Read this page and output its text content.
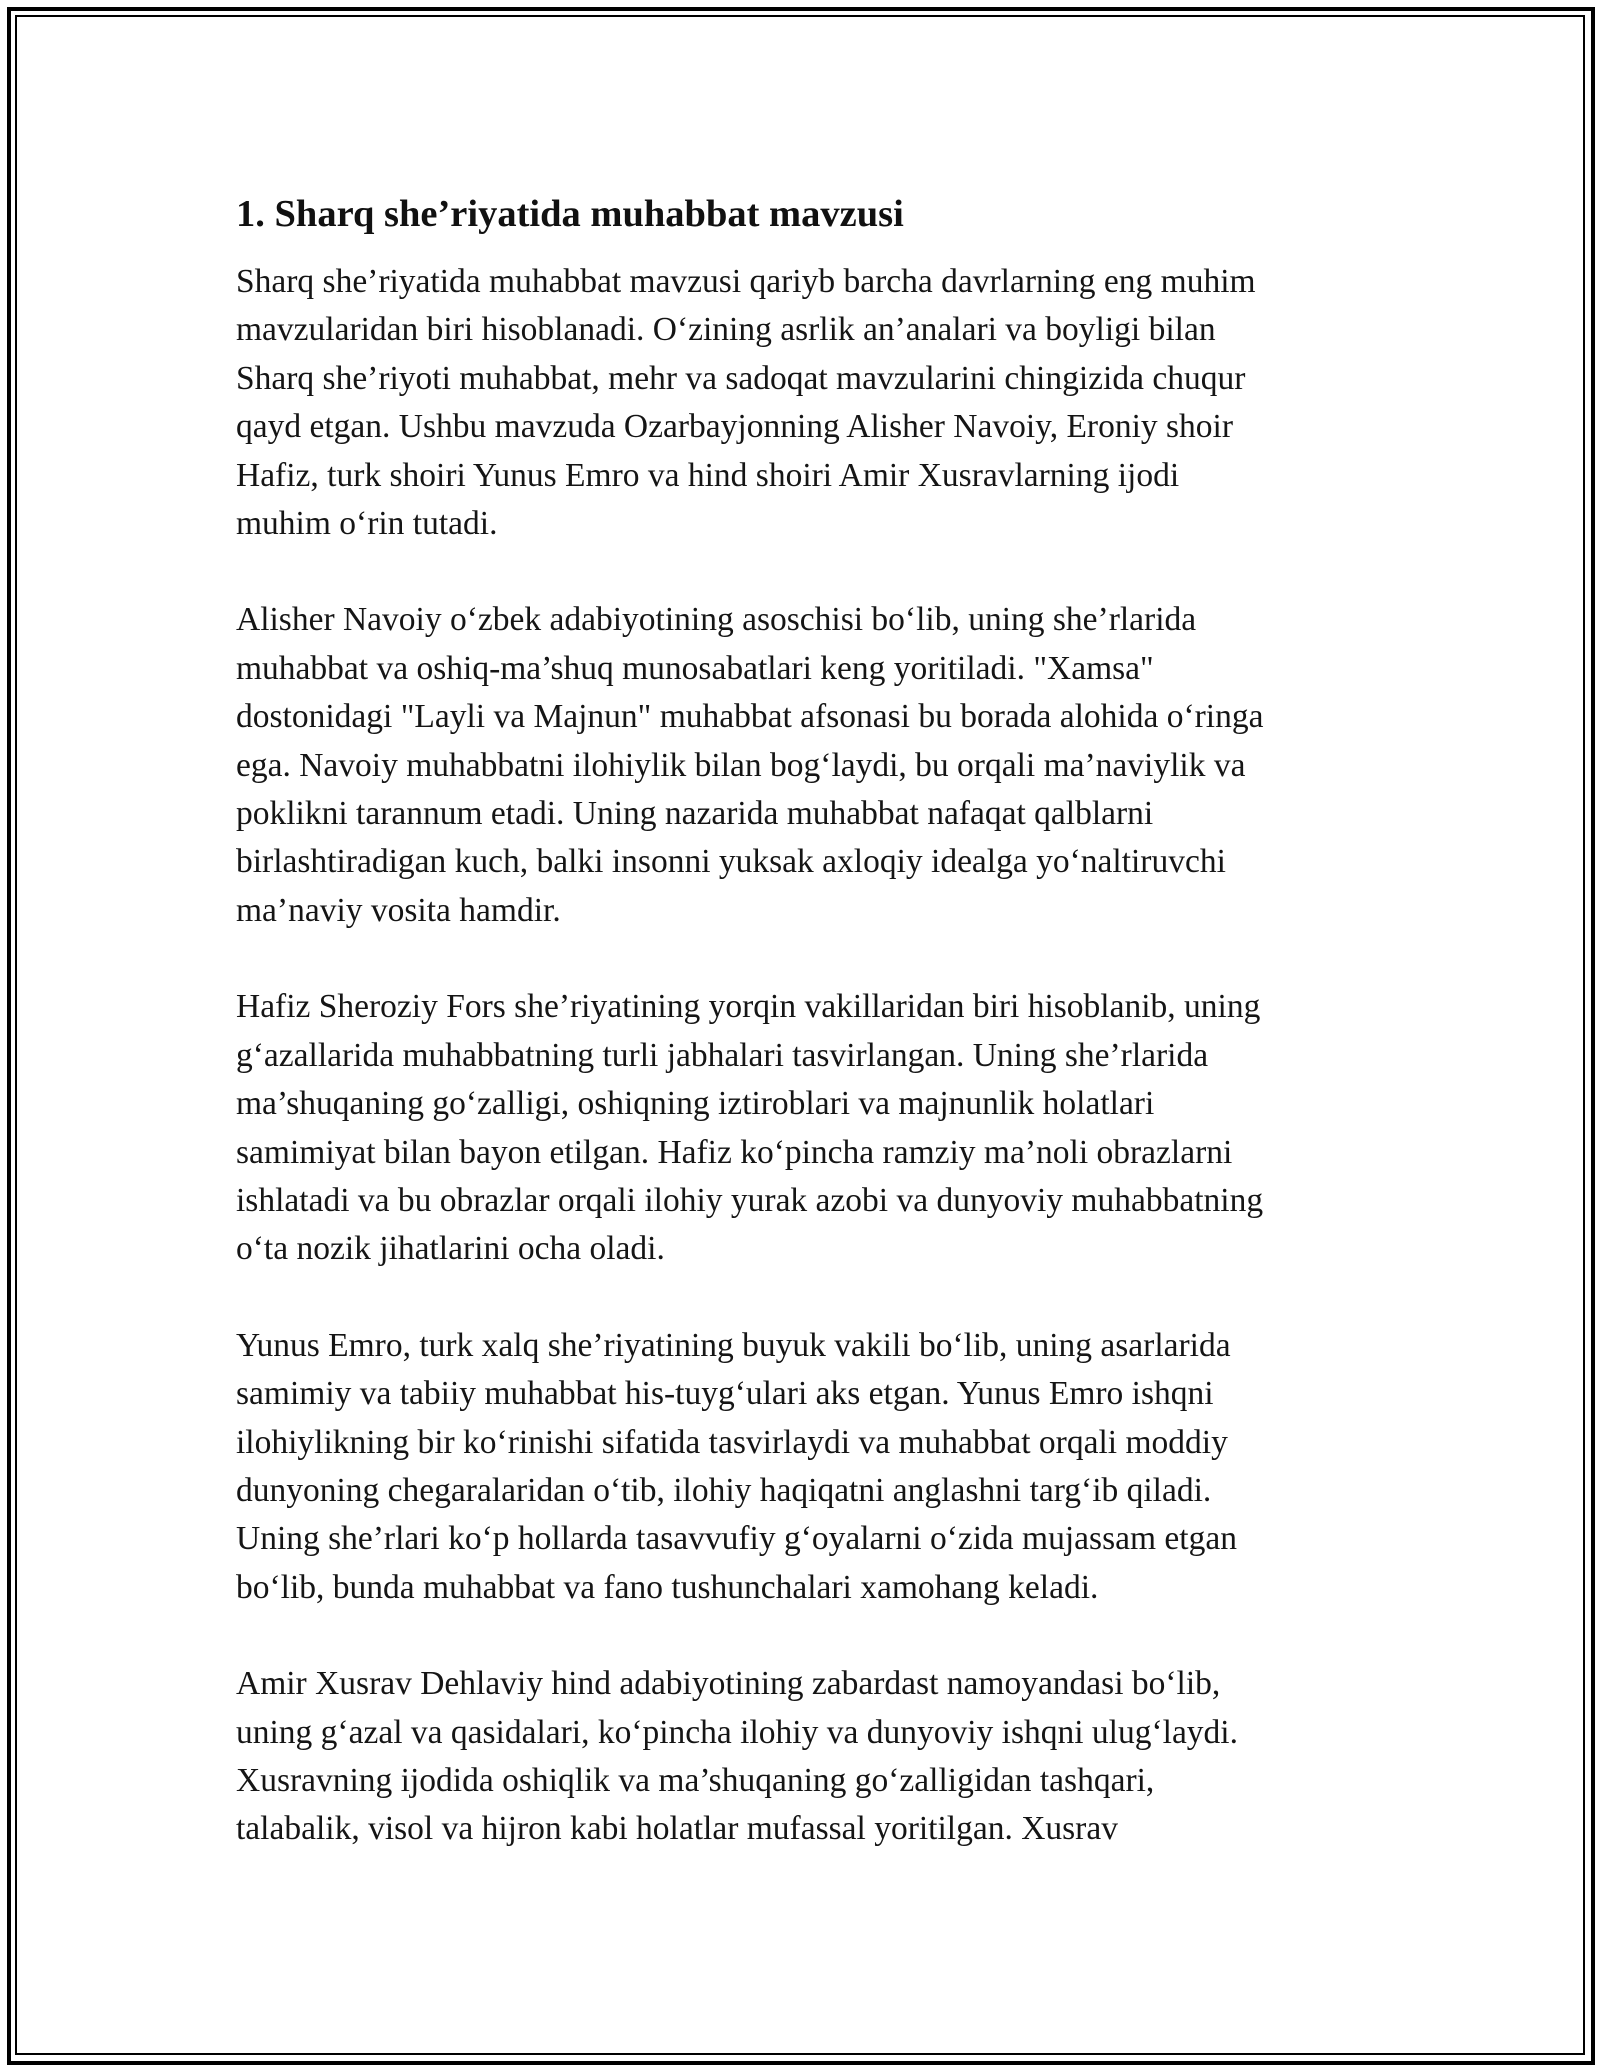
1. Sharq she’riyatida muhabbat mavzusi
Sharq she’riyatida muhabbat mavzusi qariyb barcha davrlarning eng muhim
mavzularidan biri hisoblanadi. O‘zining asrlik an’analari va boyligi bilan
Sharq she’riyoti muhabbat, mehr va sadoqat mavzularini chingizida chuqur
qayd etgan. Ushbu mavzuda Ozarbayjonning Alisher Navoiy, Eroniy shoir
Hafiz, turk shoiri Yunus Emro va hind shoiri Amir Xusravlarning ijodi
muhim o‘rin tutadi.
Alisher Navoiy o‘zbek adabiyotining asoschisi bo‘lib, uning she’rlarida
muhabbat va oshiq-ma’shuq munosabatlari keng yoritiladi. "Xamsa"
dostonidagi "Layli va Majnun" muhabbat afsonasi bu borada alohida o‘ringa
ega. Navoiy muhabbatni ilohiylik bilan bog‘laydi, bu orqali ma’naviylik va
poklikni tarannum etadi. Uning nazarida muhabbat nafaqat qalblarni
birlashtiradigan kuch, balki insonni yuksak axloqiy idealga yo‘naltiruvchi
ma’naviy vosita hamdir.
Hafiz Sheroziy Fors she’riyatining yorqin vakillaridan biri hisoblanib, uning
g‘azallarida muhabbatning turli jabhalari tasvirlangan. Uning she’rlarida
ma’shuqaning go‘zalligi, oshiqning iztiroblari va majnunlik holatlari
samimiyat bilan bayon etilgan. Hafiz ko‘pincha ramziy ma’noli obrazlarni
ishlatadi va bu obrazlar orqali ilohiy yurak azobi va dunyoviy muhabbatning
o‘ta nozik jihatlarini ocha oladi.
Yunus Emro, turk xalq she’riyatining buyuk vakili bo‘lib, uning asarlarida
samimiy va tabiiy muhabbat his-tuyg‘ulari aks etgan. Yunus Emro ishqni
ilohiylikning bir ko‘rinishi sifatida tasvirlaydi va muhabbat orqali moddiy
dunyoning chegaralaridan o‘tib, ilohiy haqiqatni anglashni targ‘ib qiladi.
Uning she’rlari ko‘p hollarda tasavvufiy g‘oyalarni o‘zida mujassam etgan
bo‘lib, bunda muhabbat va fano tushunchalari xamohang keladi.
Amir Xusrav Dehlaviy hind adabiyotining zabardast namoyandasi bo‘lib,
uning g‘azal va qasidalari, ko‘pincha ilohiy va dunyoviy ishqni ulug‘laydi.
Xusravning ijodida oshiqlik va ma’shuqaning go‘zalligidan tashqari,
talabalik, visol va hijron kabi holatlar mufassal yoritilgan. Xusrav
